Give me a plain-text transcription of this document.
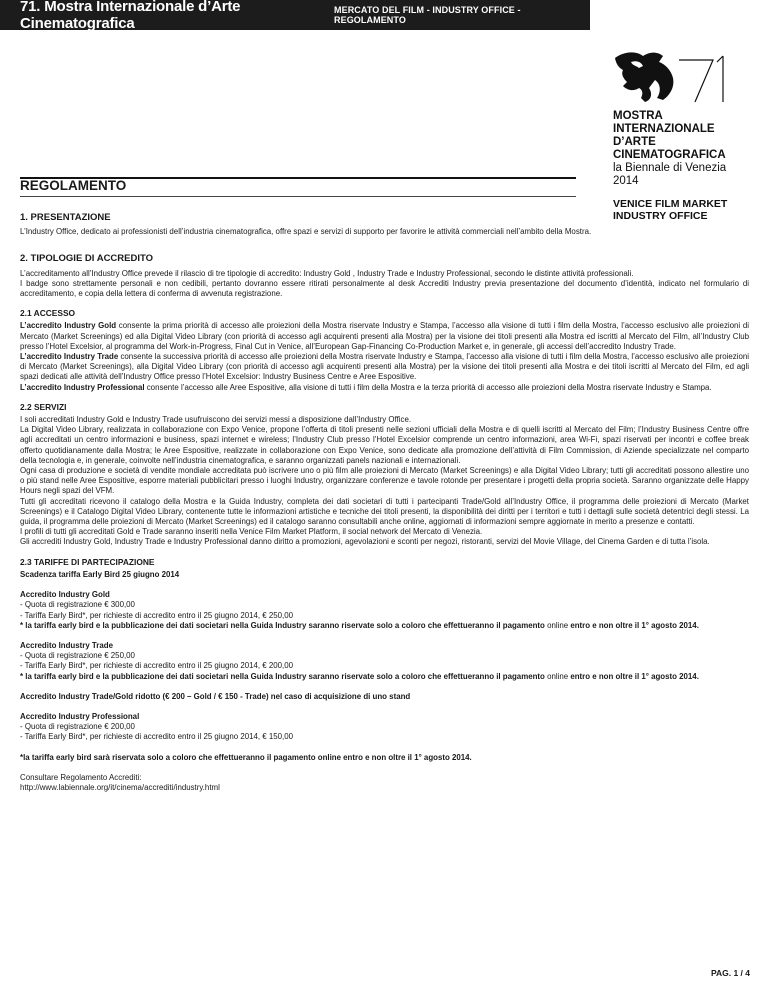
71. Mostra Internazionale d’Arte Cinematografica
MERCATO DEL FILM - INDUSTRY OFFICE - REGOLAMENTO
MOSTRA INTERNAZIONALE
D’ARTE CINEMATOGRAFICA
la Biennale di Venezia 2014
VENICE FILM MARKET
INDUSTRY OFFICE
REGOLAMENTO
1. PRESENTAZIONE

L’Industry Office, dedicato ai professionisti dell’industria cinematografica, offre spazi e servizi di supporto per favorire le attività commerciali nell’ambito della Mostra.

2. TIPOLOGIE DI ACCREDITO

L’accreditamento all’Industry Office prevede il rilascio di tre tipologie di accredito: Industry Gold , Industry Trade e Industry Professional, secondo le distinte attività professionali.

I badge sono strettamente personali e non cedibili, pertanto dovranno essere ritirati personalmente al desk Accrediti Industry previa presentazione del documento d’identità, indicato nel formulario di accreditamento, e copia della lettera di conferma di avvenuta registrazione.

2.1 ACCESSO

L’accredito Industry Gold consente la prima priorità di accesso alle proiezioni della Mostra riservate Industry e Stampa, l’accesso alla visione di tutti i film della Mostra, l’accesso esclusivo alle proiezioni di Mercato (Market Screenings) ed alla Digital Video Library (con priorità di accesso agli acquirenti presenti alla Mostra) per la visione dei titoli presenti alla Mostra ed iscritti al Mercato del Film, all’Industry Club presso l’Hotel Excelsior, al programma del Work-in-Progress, Final Cut in Venice, all’European Gap-Financing Co-Production Market e, in generale, gli accessi dell’accredito Industry Trade.

L’accredito Industry Trade consente la successiva priorità di accesso alle proiezioni della Mostra riservate Industry e Stampa, l’accesso alla visione di tutti i film della Mostra, l’accesso esclusivo alle proiezioni di Mercato (Market Screenings), alla Digital Video Library (con priorità di accesso agli acquirenti presenti alla Mostra) per la visione dei titoli presenti alla Mostra e dei titoli iscritti al Mercato del Film, ed agli spazi dedicati alle attività dell’Industry Office presso l’Hotel Excelsior: Industry Business Centre e Aree Espositive.

L’accredito Industry Professional consente l’accesso alle Aree Espositive, alla visione di tutti i film della Mostra e la terza priorità di accesso alle proiezioni della Mostra riservate Industry e Stampa.

2.2 SERVIZI

I soli accreditati Industry Gold e Industry Trade usufruiscono dei servizi messi a disposizione dall’Industry Office.

La Digital Video Library, realizzata in collaborazione con Expo Venice, propone l’offerta di titoli presenti nelle sezioni ufficiali della Mostra e di quelli iscritti al Mercato del Film; l’Industry Business Centre offre agli accreditati un centro informazioni e business, spazi internet e wireless; l’Industry Club presso l’Hotel Excelsior comprende un centro informazioni, area Wi-Fi, spazi riservati per incontri e coffee break offerto quotidianamente dalla Mostra; le Aree Espositive, realizzate in collaborazione con Expo Venice, sono dedicate alla promozione dell’attività di Film Commission, di Aziende specializzate nel comparto della tecnologia e, in generale, coinvolte nell’industria cinematografica, e saranno organizzati panels nazionali e internazionali.

Ogni casa di produzione e società di vendite mondiale accreditata può iscrivere uno o più film alle proiezioni di Mercato (Market Screenings) e alla Digital Video Library; tutti gli accreditati possono allestire uno o più stand nelle Aree Espositive, esporre materiali pubblicitari presso i luoghi Industry, organizzare conferenze e tavole rotonde per presentare i progetti della propria società. Saranno organizzate delle Happy Hours negli spazi del VFM.

Tutti gli accreditati ricevono il catalogo della Mostra e la Guida Industry, completa dei dati societari di tutti i partecipanti Trade/Gold all’Industry Office, il programma delle proiezioni di Mercato (Market Screenings) e il Catalogo Digital Video Library, contenente tutte le informazioni artistiche e tecniche dei titoli presenti, la disponibilità dei diritti per i territori e tutti i dettagli sulle società detentrici degli stessi. La guida, il programma delle proiezioni di Mercato (Market Screenings) ed il catalogo saranno consultabili anche online, aggiornati di informazioni sempre aggiornate in merito a presenze e contatti.

I profili di tutti gli accreditati Gold e Trade saranno inseriti nella Venice Film Market Platform, il social network del Mercato di Venezia.

Gli accrediti Industry Gold, Industry Trade e Industry Professional danno diritto a promozioni, agevolazioni e sconti per negozi, ristoranti, servizi del Movie Village, del Cinema Garden e di tutta l’isola.

2.3 TARIFFE DI PARTECIPAZIONE

Scadenza tariffa Early Bird 25 giugno 2014

Accredito Industry Gold

- Quota di registrazione € 300,00

- Tariffa Early Bird*, per richieste di accredito entro il 25 giugno 2014, € 250,00

* la tariffa early bird e la pubblicazione dei dati societari nella Guida Industry saranno riservate solo a coloro che effettueranno il pagamento online entro e non oltre il 1° agosto 2014.

Accredito Industry Trade

- Quota di registrazione € 250,00

- Tariffa Early Bird*, per richieste di accredito entro il 25 giugno 2014, € 200,00

* la tariffa early bird e la pubblicazione dei dati societari nella Guida Industry saranno riservate solo a coloro che effettueranno il pagamento online entro e non oltre il 1° agosto 2014.

Accredito Industry Trade/Gold ridotto (€ 200 – Gold / € 150 - Trade) nel caso di acquisizione di uno stand

Accredito Industry Professional

- Quota di registrazione € 200,00

- Tariffa Early Bird*, per richieste di accredito entro il 25 giugno 2014, € 150,00

*la tariffa early bird sarà riservata solo a coloro che effettueranno il pagamento online entro e non oltre il 1° agosto 2014.

Consultare Regolamento Accrediti:

http://www.labiennale.org/it/cinema/accrediti/industry.html

PAG. 1 / 4
